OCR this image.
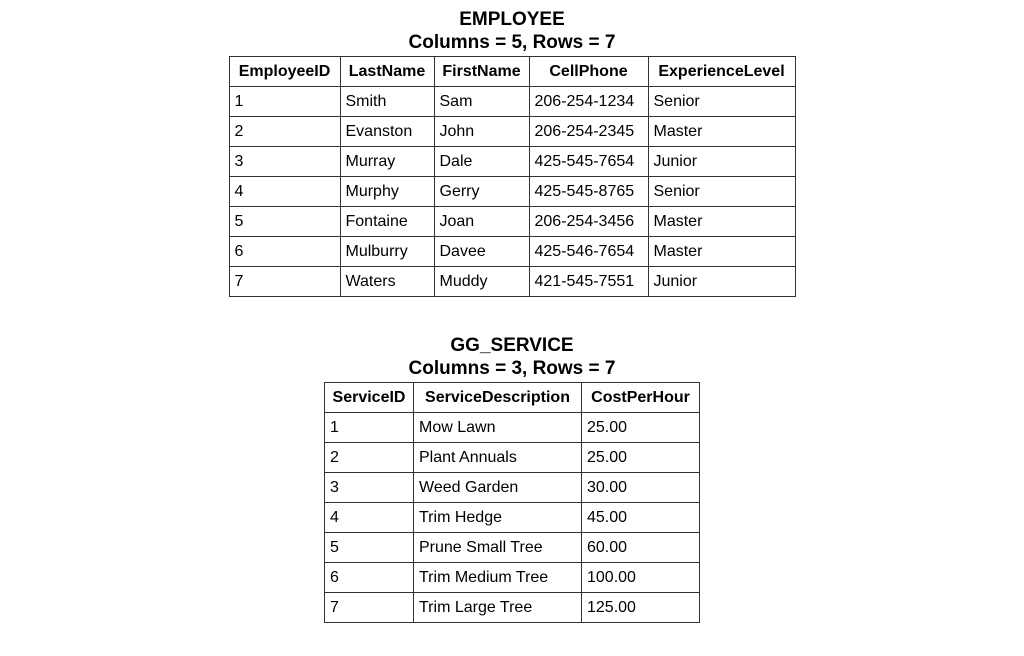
EMPLOYEE

Columns = 5, Rows = 7

EmployeeID	LastName	FirstName	CellPhone	ExperienceLevel
1	Smith	Sam	206-254-1234	Senior
2	Evanston	John	206-254-2345	Master
3	Murray	Dale	425-545-7654	Junior
4	Murphy	Gerry	425-545-8765	Senior
5	Fontaine	Joan	206-254-3456	Master
6	Mulburry	Davee	425-546-7654	Master
7	Waters	Muddy	421-545-7551	Junior

GG_SERVICE

Columns = 3, Rows = 7

ServiceID	ServiceDescription	CostPerHour
1	Mow Lawn	25.00
2	Plant Annuals	25.00
3	Weed Garden	30.00
4	Trim Hedge	45.00
5	Prune Small Tree	60.00
6	Trim Medium Tree	100.00
7	Trim Large Tree	125.00
